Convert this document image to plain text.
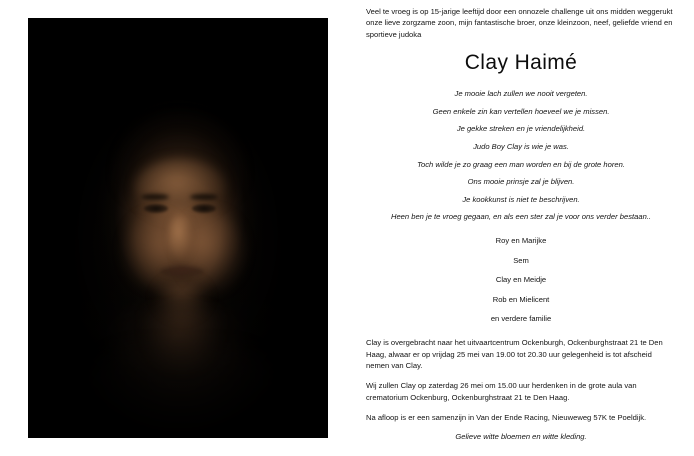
Veel te vroeg is op 15-jarige leeftijd door een onnozele challenge uit ons midden weggerukt onze lieve zorgzame zoon, mijn fantastische broer, onze kleinzoon, neef, geliefde vriend en sportieve judoka

Clay Haimé

Je mooie lach zullen we nooit vergeten.

Geen enkele zin kan vertellen hoeveel we je missen.

Je gekke streken en je vriendelijkheid.

Judo Boy Clay is wie je was.

Toch wilde je zo graag een man worden en bij de grote horen.

Ons mooie prinsje zal je blijven.

Je kookkunst is niet te beschrijven.

Heen ben je te vroeg gegaan, en als een ster zal je voor ons verder bestaan..

Roy en Marijke

Sem

Clay en Meidje

Rob en Mielicent

en verdere familie

Clay is overgebracht naar het uitvaartcentrum Ockenburgh, Ockenburghstraat 21 te Den Haag, alwaar er op vrijdag 25 mei van 19.00 tot 20.30 uur gelegenheid is tot afscheid nemen van Clay.

Wij zullen Clay op zaterdag 26 mei om 15.00 uur herdenken in de grote aula van crematorium Ockenburg, Ockenburghstraat 21 te Den Haag.

Na afloop is er een samenzijn in Van der Ende Racing, Nieuweweg 57K te Poeldijk.

Gelieve witte bloemen en witte kleding.
